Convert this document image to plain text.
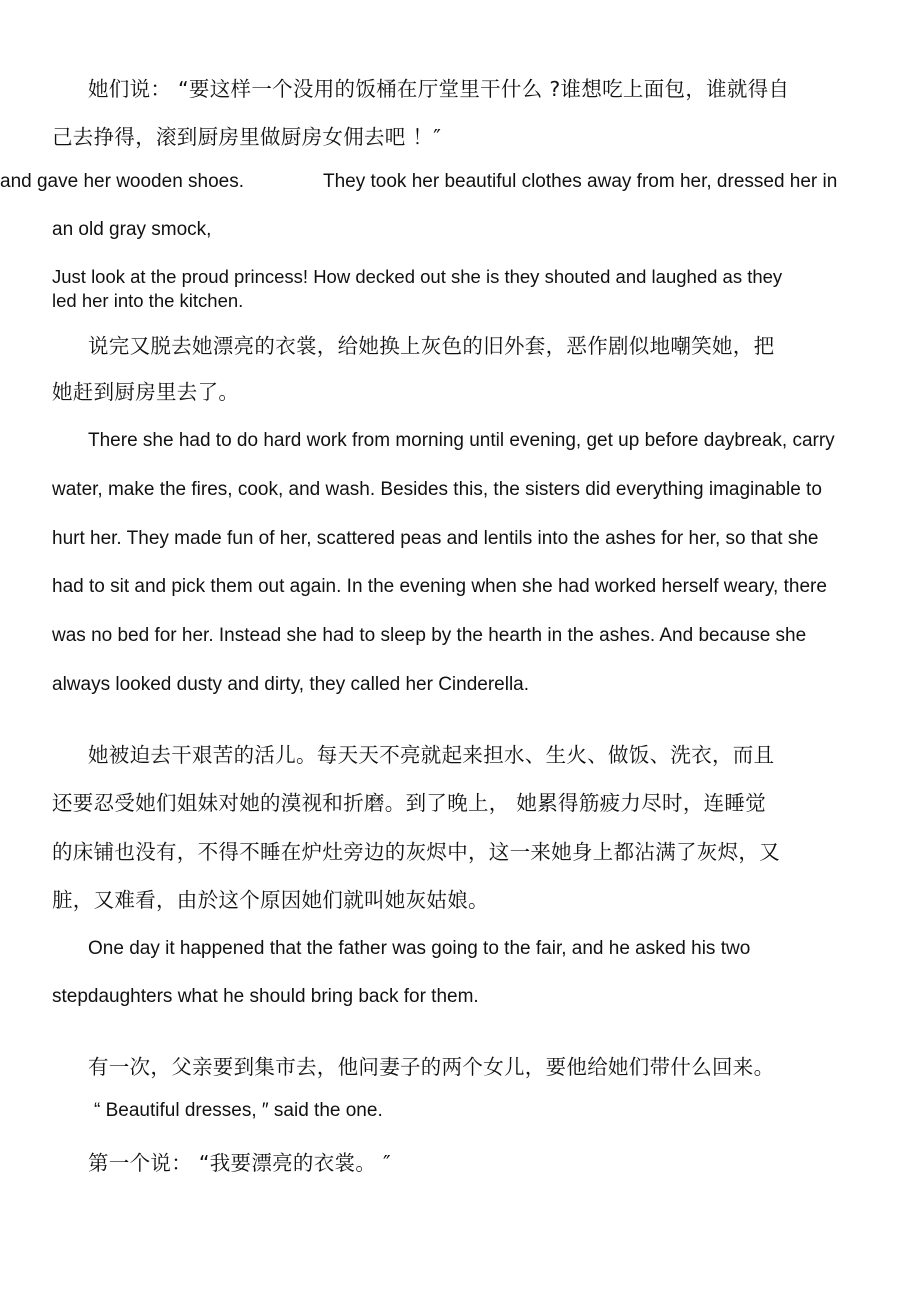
她们说： “要这样一个没用的饭桶在厅堂里干什么 ?谁想吃上面包，谁就得自

己去挣得，滚到厨房里做厨房女佣去吧 ！″

and gave her wooden shoes.	They took her beautiful clothes away from her, dressed her in

an old gray smock,

Just look at the proud princess! How decked out she is they shouted and laughed as they

led her into the kitchen.

说完又脱去她漂亮的衣裳，给她换上灰色的旧外套，恶作剧似地嘲笑她，把

她赶到厨房里去了。

There she had to do hard work from morning until evening, get up before daybreak, carry

water, make the fires, cook, and wash. Besides this, the sisters did everything imaginable to

hurt her. They made fun of her, scattered peas and lentils into the ashes for her, so that she

had to sit and pick them out again. In the evening when she had worked herself weary, there

was no bed for her. Instead she had to sleep by the hearth in the ashes. And because she

always looked dusty and dirty, they called her Cinderella.

她被迫去干艰苦的活儿。每天天不亮就起来担水、生火、做饭、洗衣，而且

还要忍受她们姐妹对她的漠视和折磨。到了晚上， 她累得筋疲力尽时，连睡觉

的床铺也没有，不得不睡在炉灶旁边的灰烬中，这一来她身上都沾满了灰烬，又

脏，又难看，由於这个原因她们就叫她灰姑娘。

One day it happened that the father was going to the fair, and he asked his two

stepdaughters what he should bring back for them.

有一次，父亲要到集市去，他问妻子的两个女儿，要他给她们带什么回来。

“ Beautiful dresses, ″ said the one.

第一个说： “我要漂亮的衣裳。 ″
